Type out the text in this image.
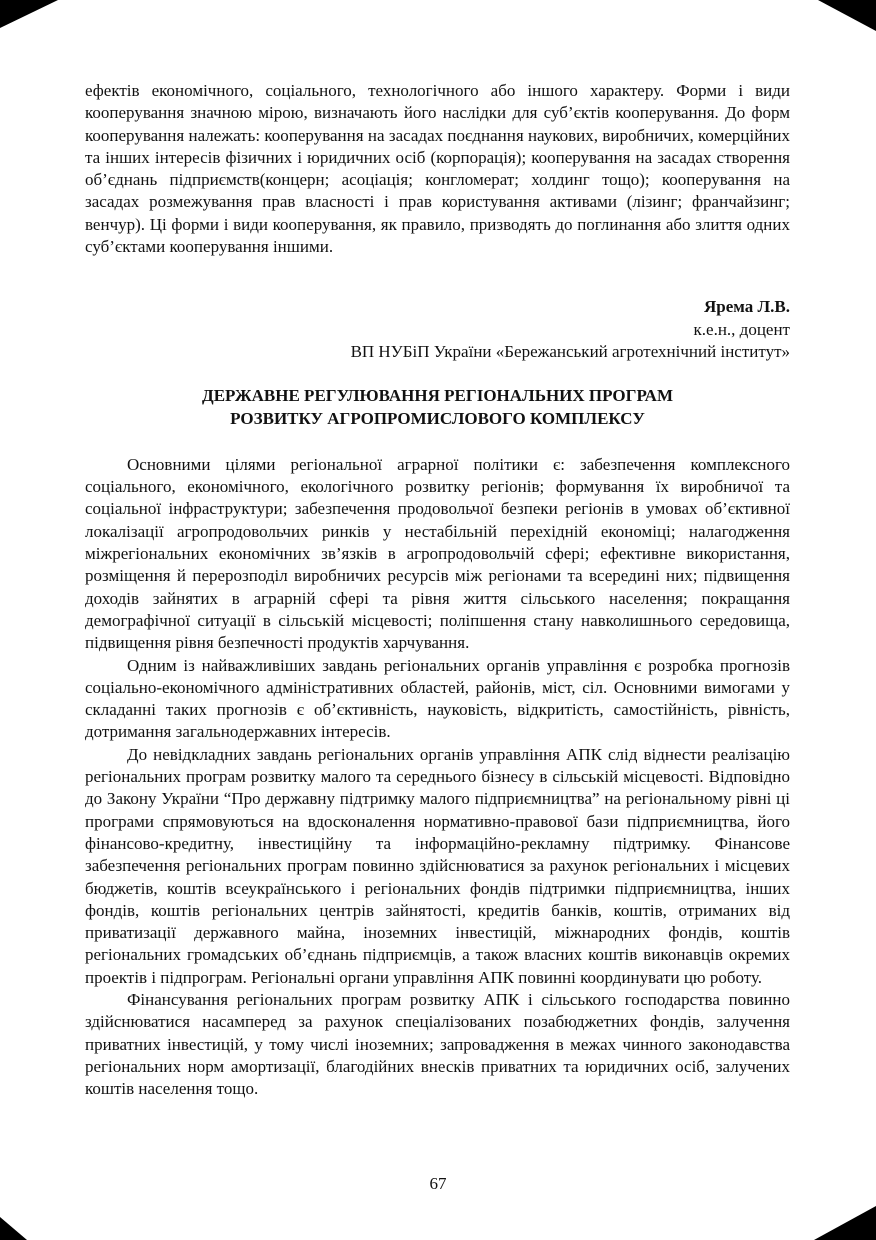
ефектів економічного, соціального, технологічного або іншого характеру. Форми і види кооперування значною мірою, визначають його наслідки для суб’єктів кооперування. До форм кооперування належать: кооперування на засадах поєднання наукових, виробничих, комерційних та інших інтересів фізичних і юридичних осіб (корпорація); кооперування на засадах створення об’єднань підприємств(концерн; асоціація; конгломерат; холдинг тощо); кооперування на засадах розмежування прав власності і прав користування активами (лізинг; франчайзинг; венчур). Ці форми і види кооперування, як правило, призводять до поглинання або злиття одних суб’єктами кооперування іншими.

Ярема Л.В.
к.е.н., доцент
ВП НУБіП України «Бережанський агротехнічний інститут»
ДЕРЖАВНЕ РЕГУЛЮВАННЯ РЕГІОНАЛЬНИХ ПРОГРАМ
РОЗВИТКУ АГРОПРОМИСЛОВОГО КОМПЛЕКСУ

Основними цілями регіональної аграрної політики є: забезпечення комплексного соціального, економічного, екологічного розвитку регіонів; формування їх виробничої та соціальної інфраструктури; забезпечення продовольчої безпеки регіонів в умовах об’єктивної локалізації агропродовольчих ринків у нестабільній перехідній економіці; налагодження міжрегіональних економічних зв’язків в агропродовольчій сфері; ефективне використання, розміщення й перерозподіл виробничих ресурсів між регіонами та всередині них; підвищення доходів зайнятих в аграрній сфері та рівня життя сільського населення; покращання демографічної ситуації в сільській місцевості; поліпшення стану навколишнього середовища, підвищення рівня безпечності продуктів харчування.

Одним із найважливіших завдань регіональних органів управління є розробка прогнозів соціально-економічного адміністративних областей, районів, міст, сіл. Основними вимогами у складанні таких прогнозів є об’єктивність, науковість, відкритість, самостійність, рівність, дотримання загальнодержавних інтересів.

До невідкладних завдань регіональних органів управління АПК слід віднести реалізацію регіональних програм розвитку малого та середнього бізнесу в сільській місцевості. Відповідно до Закону України “Про державну підтримку малого підприємництва” на регіональному рівні ці програми спрямовуються на вдосконалення нормативно-правової бази підприємництва, його фінансово-кредитну, інвестиційну та інформаційно-рекламну підтримку. Фінансове забезпечення регіональних програм повинно здійснюватися за рахунок регіональних і місцевих бюджетів, коштів всеукраїнського і регіональних фондів підтримки підприємництва, інших фондів, коштів регіональних центрів зайнятості, кредитів банків, коштів, отриманих від приватизації державного майна, іноземних інвестицій, міжнародних фондів, коштів регіональних громадських об’єднань підприємців, а також власних коштів виконавців окремих проектів і підпрограм. Регіональні органи управління АПК повинні координувати цю роботу.

Фінансування регіональних програм розвитку АПК і сільського господарства повинно здійснюватися насамперед за рахунок спеціалізованих позабюджетних фондів, залучення приватних інвестицій, у тому числі іноземних; запровадження в межах чинного законодавства регіональних норм амортизації, благодійних внесків приватних та юридичних осіб, залучених коштів населення тощо.

67
